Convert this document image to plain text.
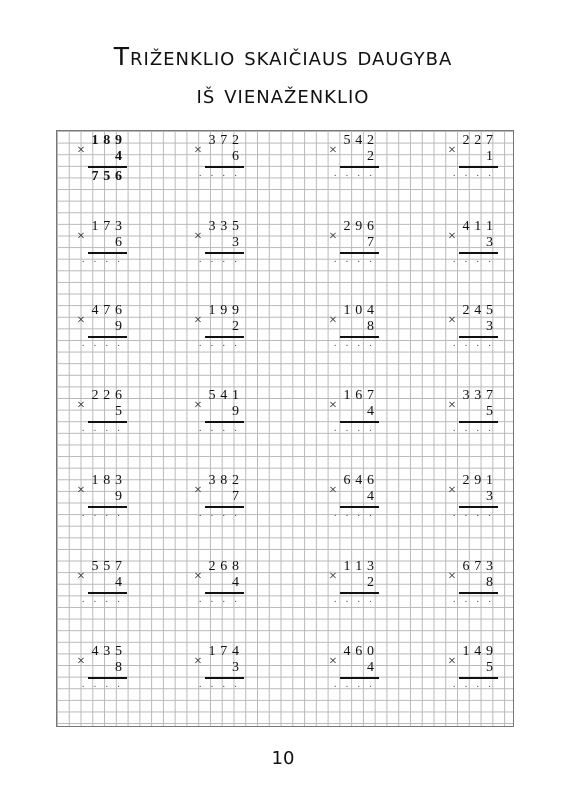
Triženklio skaičiaus daugyba
iš vienaženklio
×
1 8 9
4
7 5 6
×
3 7 2
6
· · · ·
×
5 4 2
2
· · · ·
×
2 2 7
1
· · · ·
×
1 7 3
6
· · · ·
×
3 3 5
3
· · · ·
×
2 9 6
7
· · · ·
×
4 1 1
3
· · · ·
×
4 7 6
9
· · · ·
×
1 9 9
2
· · · ·
×
1 0 4
8
· · · ·
×
2 4 5
3
· · · ·
×
2 2 6
5
· · · ·
×
5 4 1
9
· · · ·
×
1 6 7
4
· · · ·
×
3 3 7
5
· · · ·
×
1 8 3
9
· · · ·
×
3 8 2
7
· · · ·
×
6 4 6
4
· · · ·
×
2 9 1
3
· · · ·
×
5 5 7
4
· · · ·
×
2 6 8
4
· · · ·
×
1 1 3
2
· · · ·
×
6 7 3
8
· · · ·
×
4 3 5
8
· · · ·
×
1 7 4
3
· · · ·
×
4 6 0
4
· · · ·
×
1 4 9
5
· · · ·
10
